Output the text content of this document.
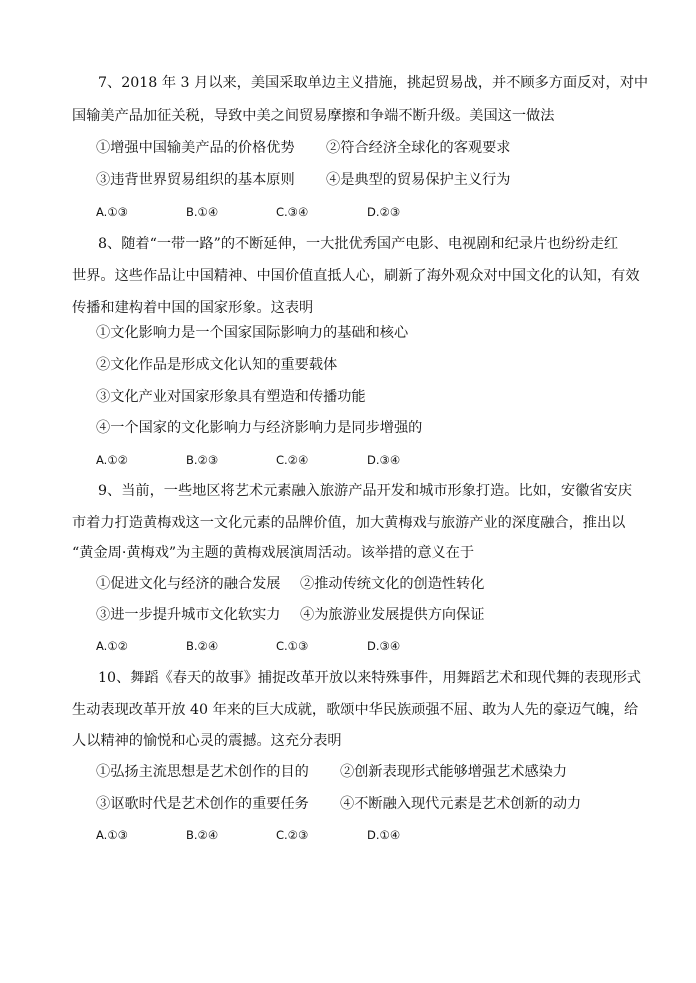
7、2018 年 3 月以来，美国采取单边主义措施，挑起贸易战，并不顾多方面反对，对中
国输美产品加征关税，导致中美之间贸易摩擦和争端不断升级。美国这一做法
①增强中国输美产品的价格优势 ②符合经济全球化的客观要求
③违背世界贸易组织的基本原则 ④是典型的贸易保护主义行为
A.①③	B.①④	C.③④	D.②③
8、随着“一带一路”的不断延伸，一大批优秀国产电影、电视剧和纪录片也纷纷走红
世界。这些作品让中国精神、中国价值直抵人心，刷新了海外观众对中国文化的认知，有效
传播和建构着中国的国家形象。这表明
①文化影响力是一个国家国际影响力的基础和核心
②文化作品是形成文化认知的重要载体
③文化产业对国家形象具有塑造和传播功能
④一个国家的文化影响力与经济影响力是同步增强的
A.①②	B.②③	C.②④	D.③④
9、当前，一些地区将艺术元素融入旅游产品开发和城市形象打造。比如，安徽省安庆
市着力打造黄梅戏这一文化元素的品牌价值，加大黄梅戏与旅游产业的深度融合，推出以
“黄金周·黄梅戏”为主题的黄梅戏展演周活动。该举措的意义在于
①促进文化与经济的融合发展 ②推动传统文化的创造性转化
③进一步提升城市文化软实力 ④为旅游业发展提供方向保证
A.①②	B.②④	C.①③	D.③④
10、舞蹈《春天的故事》捕捉改革开放以来特殊事件，用舞蹈艺术和现代舞的表现形式
生动表现改革开放 40 年来的巨大成就，歌颂中华民族顽强不屈、敢为人先的豪迈气魄，给
人以精神的愉悦和心灵的震撼。这充分表明
①弘扬主流思想是艺术创作的目的 ②创新表现形式能够增强艺术感染力
③讴歌时代是艺术创作的重要任务 ④不断融入现代元素是艺术创新的动力
A.①③	B.②④	C.②③	D.①④
